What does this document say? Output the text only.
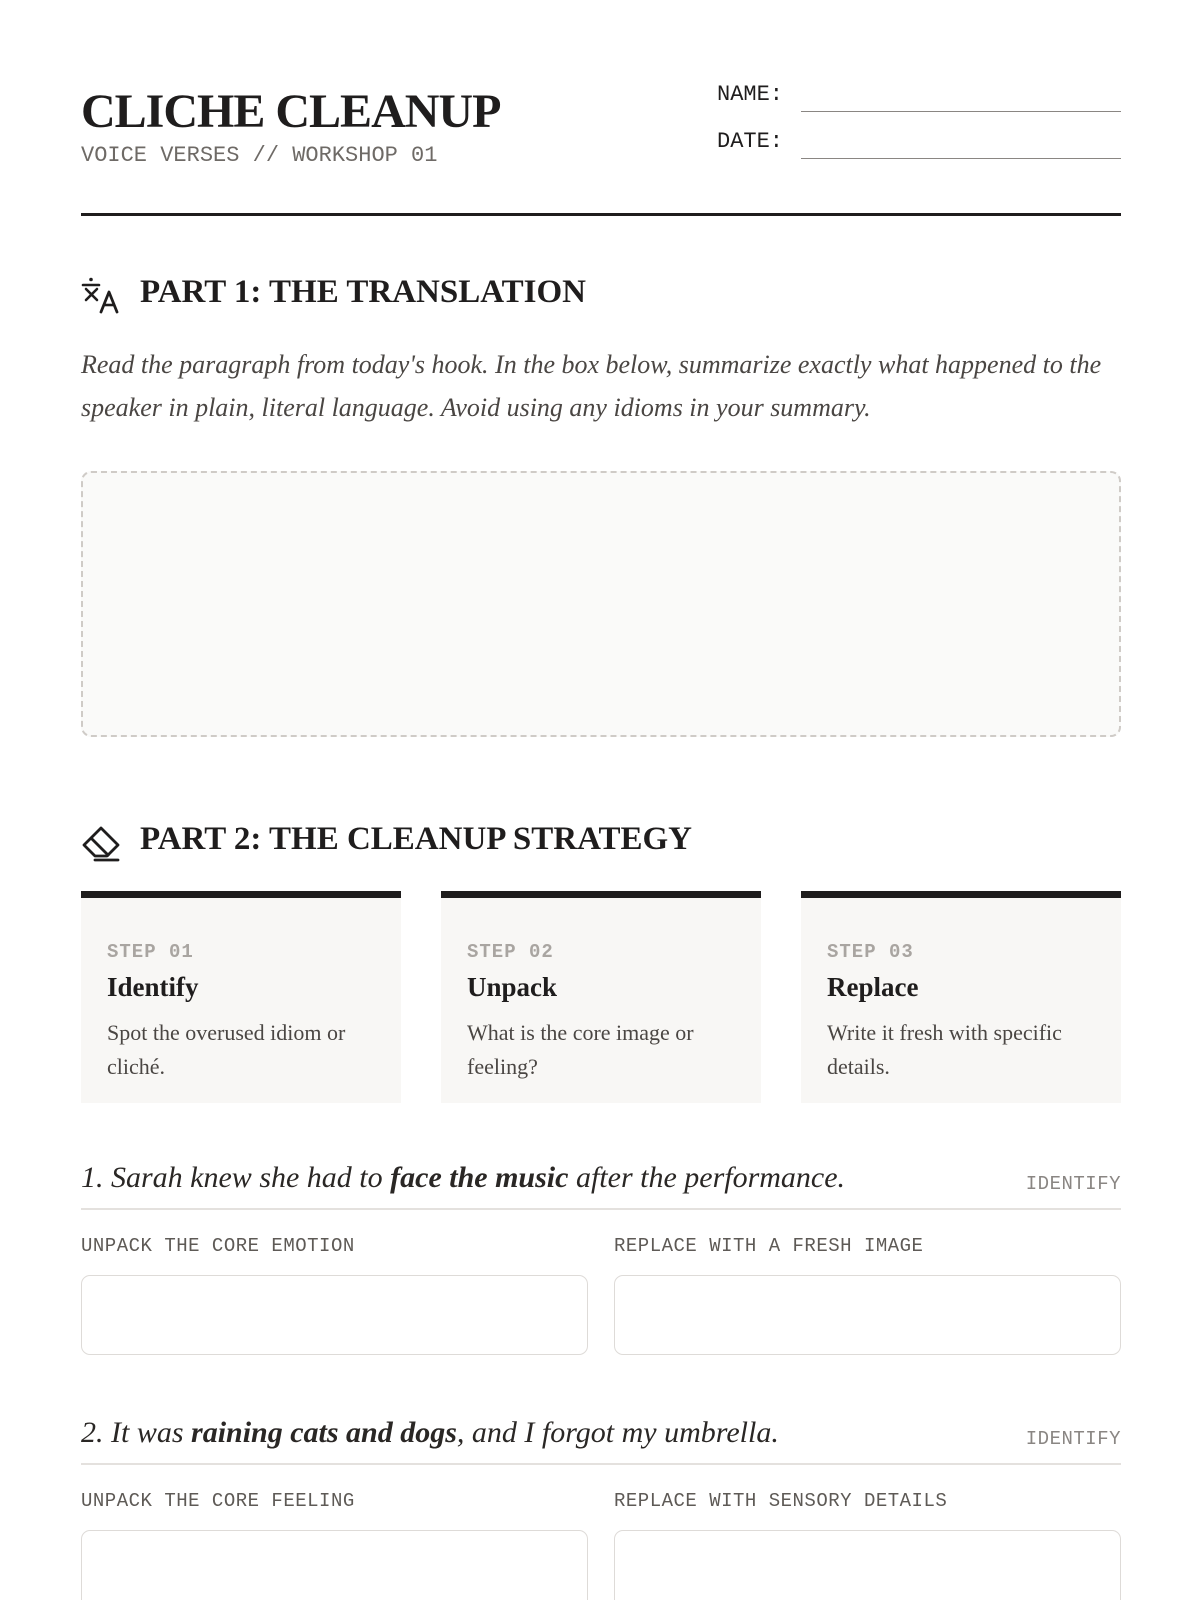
CLICHE CLEANUP
VOICE VERSES // WORKSHOP 01
NAME:
DATE:
PART 1: THE TRANSLATION

Read the paragraph from today's hook. In the box below, summarize exactly what happened to the speaker in plain, literal language. Avoid using any idioms in your summary.

PART 2: THE CLEANUP STRATEGY
STEP 01
Identify
Spot the overused idiom or cliché.
STEP 02
Unpack
What is the core image or feeling?
STEP 03
Replace
Write it fresh with specific details.
1. Sarah knew she had to face the music after the performance.	IDENTIFY
UNPACK THE CORE EMOTION	REPLACE WITH A FRESH IMAGE
2. It was raining cats and dogs, and I forgot my umbrella.	IDENTIFY
UNPACK THE CORE FEELING	REPLACE WITH SENSORY DETAILS
